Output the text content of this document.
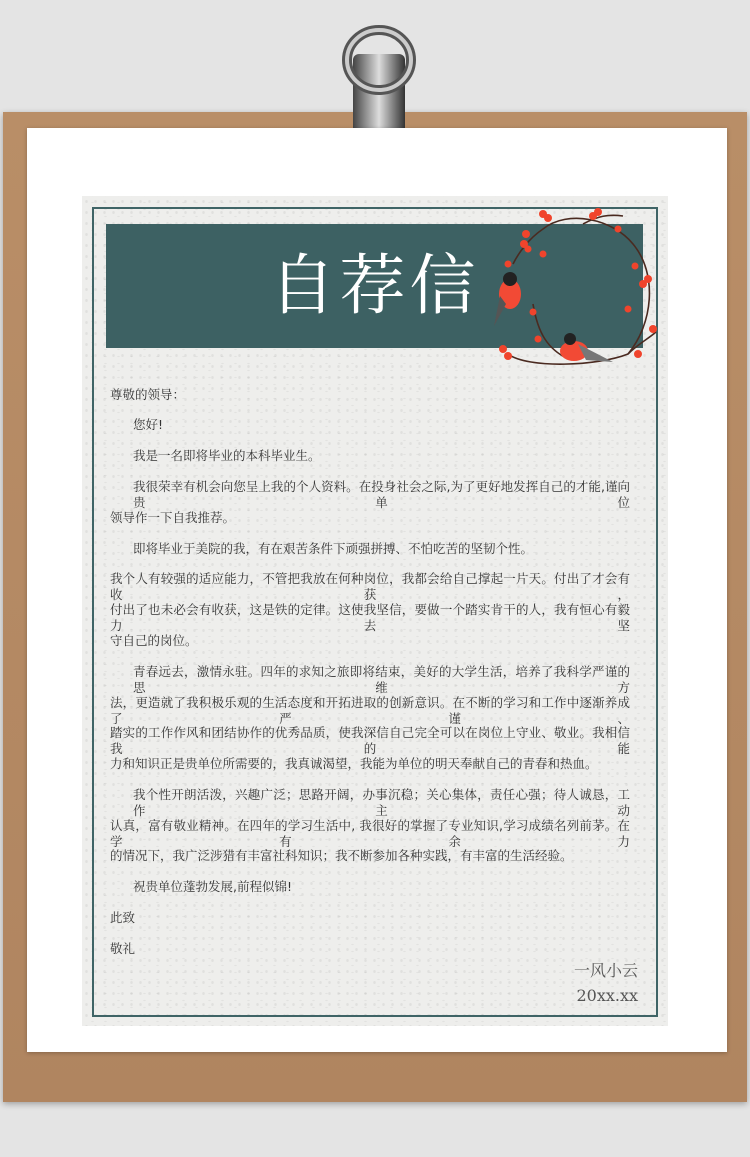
自荐信
尊敬的领导：
您好!
我是一名即将毕业的本科毕业生。
我很荣幸有机会向您呈上我的个人资料。在投身社会之际,为了更好地发挥自己的才能,谨向贵单位
领导作一下自我推荐。
即将毕业于美院的我，有在艰苦条件下顽强拼搏、不怕吃苦的坚韧个性。
我个人有较强的适应能力，不管把我放在何种岗位，我都会给自己撑起一片天。付出了才会有收获，
付出了也未必会有收获，这是铁的定律。这使我坚信，要做一个踏实肯干的人，我有恒心有毅力去坚
守自己的岗位。
青春远去，激情永驻。四年的求知之旅即将结束，美好的大学生活，培养了我科学严谨的思维方
法，更造就了我积极乐观的生活态度和开拓进取的创新意识。在不断的学习和工作中逐渐养成了严谨、
踏实的工作作风和团结协作的优秀品质，使我深信自己完全可以在岗位上守业、敬业。我相信我的能
力和知识正是贵单位所需要的，我真诚渴望，我能为单位的明天奉献自己的青春和热血。
我个性开朗活泼，兴趣广泛；思路开阔，办事沉稳；关心集体，责任心强；待人诚恳，工作主动
认真，富有敬业精神。在四年的学习生活中, 我很好的掌握了专业知识,学习成绩名列前茅。在学有余力
的情况下，我广泛涉猎有丰富社科知识；我不断参加各种实践，有丰富的生活经验。
祝贵单位蓬勃发展,前程似锦!
此致
敬礼
一风小云
20xx.xx
